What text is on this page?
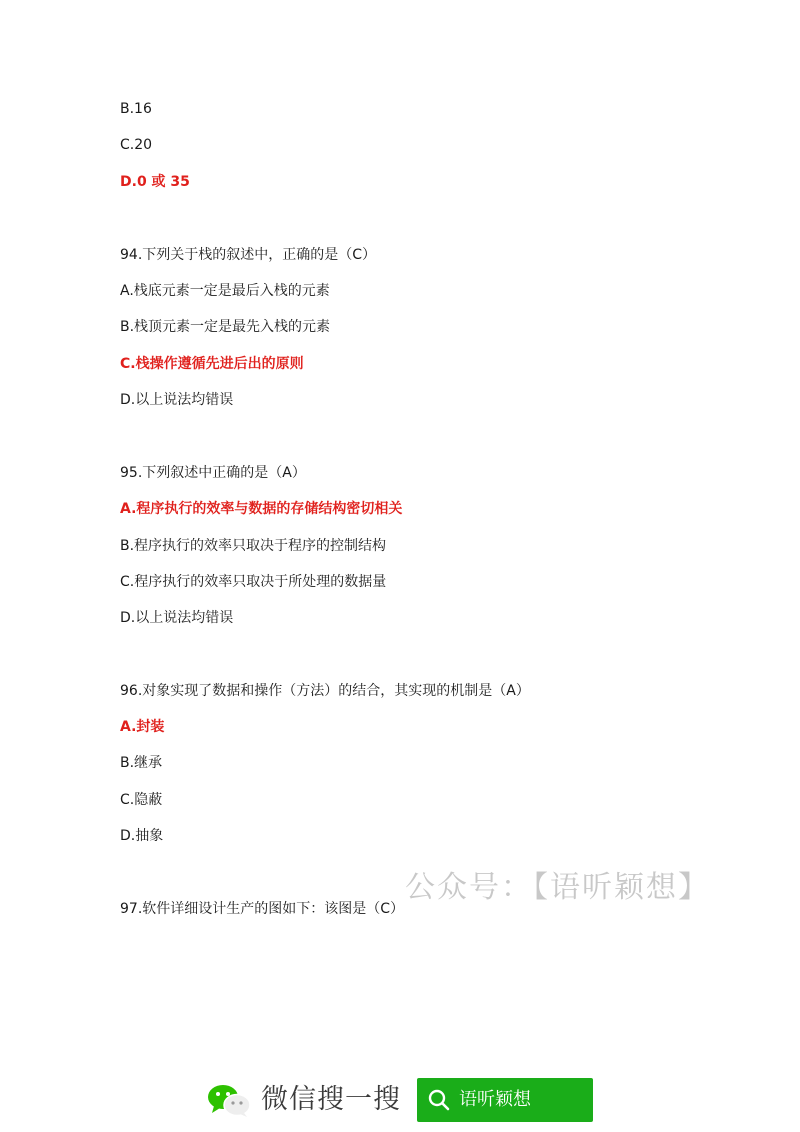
B.16
C.20
D.0 或 35
94.下列关于栈的叙述中，正确的是（C）
A.栈底元素一定是最后入栈的元素
B.栈顶元素一定是最先入栈的元素
C.栈操作遵循先进后出的原则
D.以上说法均错误
95.下列叙述中正确的是（A）
A.程序执行的效率与数据的存储结构密切相关
B.程序执行的效率只取决于程序的控制结构
C.程序执行的效率只取决于所处理的数据量
D.以上说法均错误
96.对象实现了数据和操作（方法）的结合，其实现的机制是（A）
A.封装
B.继承
C.隐蔽
D.抽象
97.软件详细设计生产的图如下：该图是（C）
公众号：【语听颖想】
微信搜一搜	语听颖想
